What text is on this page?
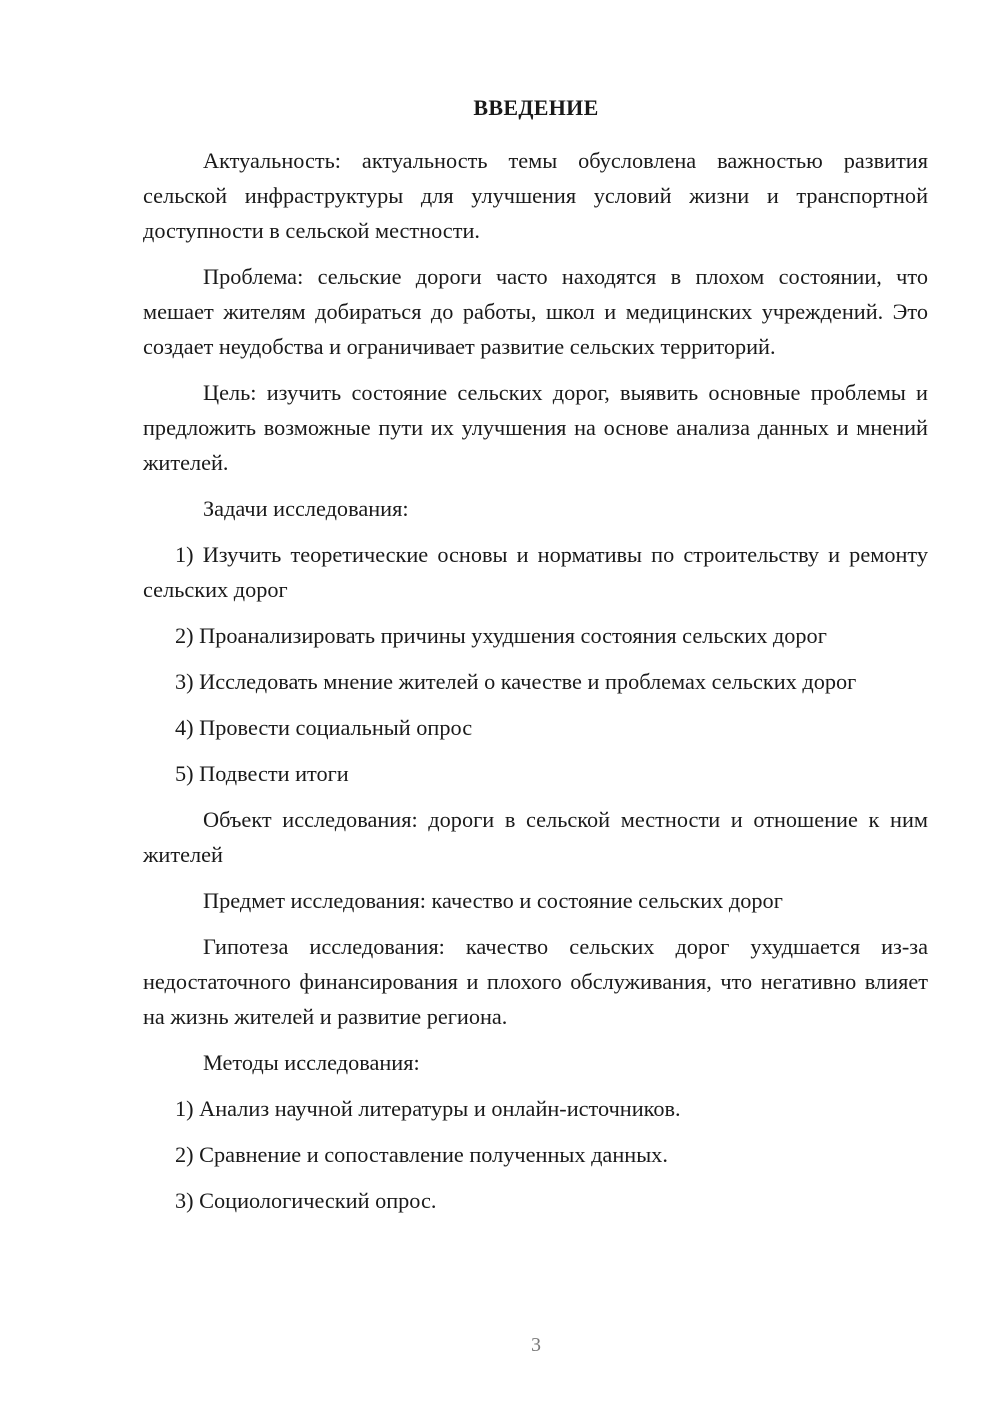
ВВЕДЕНИЕ

Актуальность: актуальность темы обусловлена важностью развития сельской инфраструктуры для улучшения условий жизни и транспортной доступности в сельской местности.

Проблема: сельские дороги часто находятся в плохом состоянии, что мешает жителям добираться до работы, школ и медицинских учреждений. Это создает неудобства и ограничивает развитие сельских территорий.

Цель: изучить состояние сельских дорог, выявить основные проблемы и предложить возможные пути их улучшения на основе анализа данных и мнений жителей.

Задачи исследования:

1) Изучить теоретические основы и нормативы по строительству и ремонту сельских дорог

2) Проанализировать причины ухудшения состояния сельских дорог

3) Исследовать мнение жителей о качестве и проблемах сельских дорог

4) Провести социальный опрос

5) Подвести итоги

Объект исследования: дороги в сельской местности и отношение к ним жителей

Предмет исследования: качество и состояние сельских дорог

Гипотеза исследования: качество сельских дорог ухудшается из-за недостаточного финансирования и плохого обслуживания, что негативно влияет на жизнь жителей и развитие региона.

Методы исследования:

1) Анализ научной литературы и онлайн-источников.

2) Сравнение и сопоставление полученных данных.

3) Социологический опрос.

3
